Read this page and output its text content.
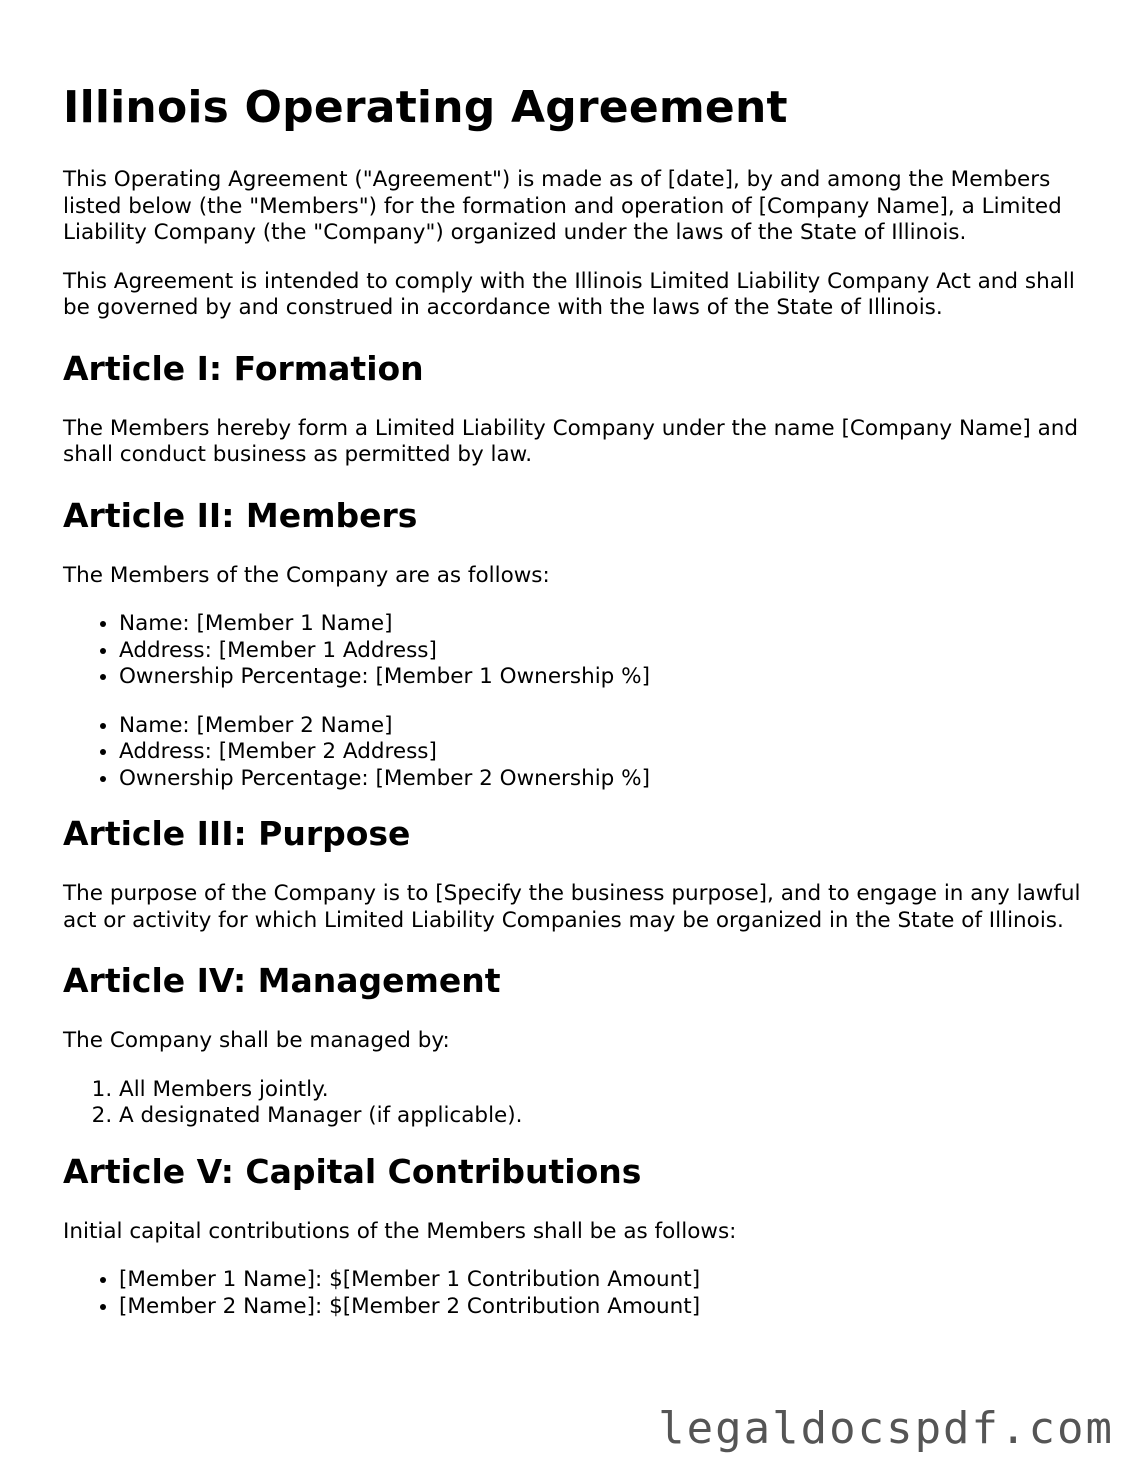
Illinois Operating Agreement

This Operating Agreement ("Agreement") is made as of [date], by and among the Members listed below (the "Members") for the formation and operation of [Company Name], a Limited Liability Company (the "Company") organized under the laws of the State of Illinois.

This Agreement is intended to comply with the Illinois Limited Liability Company Act and shall be governed by and construed in accordance with the laws of the State of Illinois.

Article I: Formation

The Members hereby form a Limited Liability Company under the name [Company Name] and shall conduct business as permitted by law.

Article II: Members

The Members of the Company are as follows:

• Name: [Member 1 Name]
• Address: [Member 1 Address]
• Ownership Percentage: [Member 1 Ownership %]
• Name: [Member 2 Name]
• Address: [Member 2 Address]
• Ownership Percentage: [Member 2 Ownership %]
Article III: Purpose

The purpose of the Company is to [Specify the business purpose], and to engage in any lawful act or activity for which Limited Liability Companies may be organized in the State of Illinois.

Article IV: Management

The Company shall be managed by:

1. All Members jointly.
2. A designated Manager (if applicable).
Article V: Capital Contributions

Initial capital contributions of the Members shall be as follows:

• [Member 1 Name]: $[Member 1 Contribution Amount]
• [Member 2 Name]: $[Member 2 Contribution Amount]
legaldocspdf.com
